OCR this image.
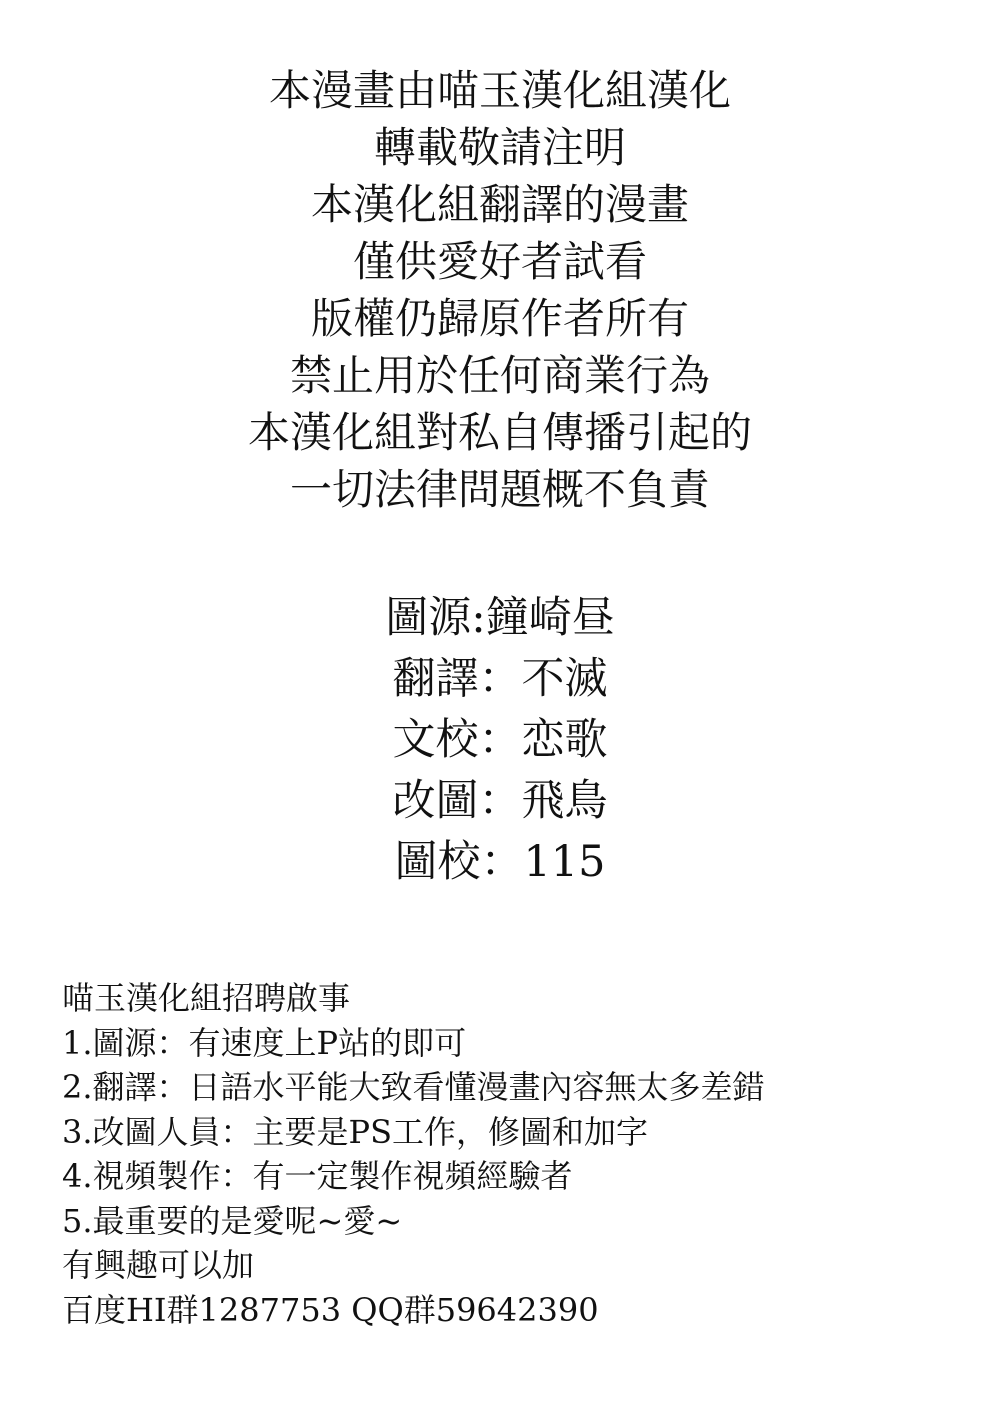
本漫畫由喵玉漢化組漢化
轉載敬請注明
本漢化組翻譯的漫畫
僅供愛好者試看
版權仍歸原作者所有
禁止用於任何商業行為
本漢化組對私自傳播引起的
一切法律問題概不負責
圖源:鐘崎昼
翻譯：不滅
文校：恋歌
改圖：飛鳥
圖校：115
喵玉漢化組招聘啟事
1.圖源：有速度上P站的即可
2.翻譯：日語水平能大致看懂漫畫內容無太多差錯
3.改圖人員：主要是PS工作，修圖和加字
4.視頻製作：有一定製作視頻經驗者
5.最重要的是愛呢~愛~
有興趣可以加
百度HI群1287753 QQ群59642390
